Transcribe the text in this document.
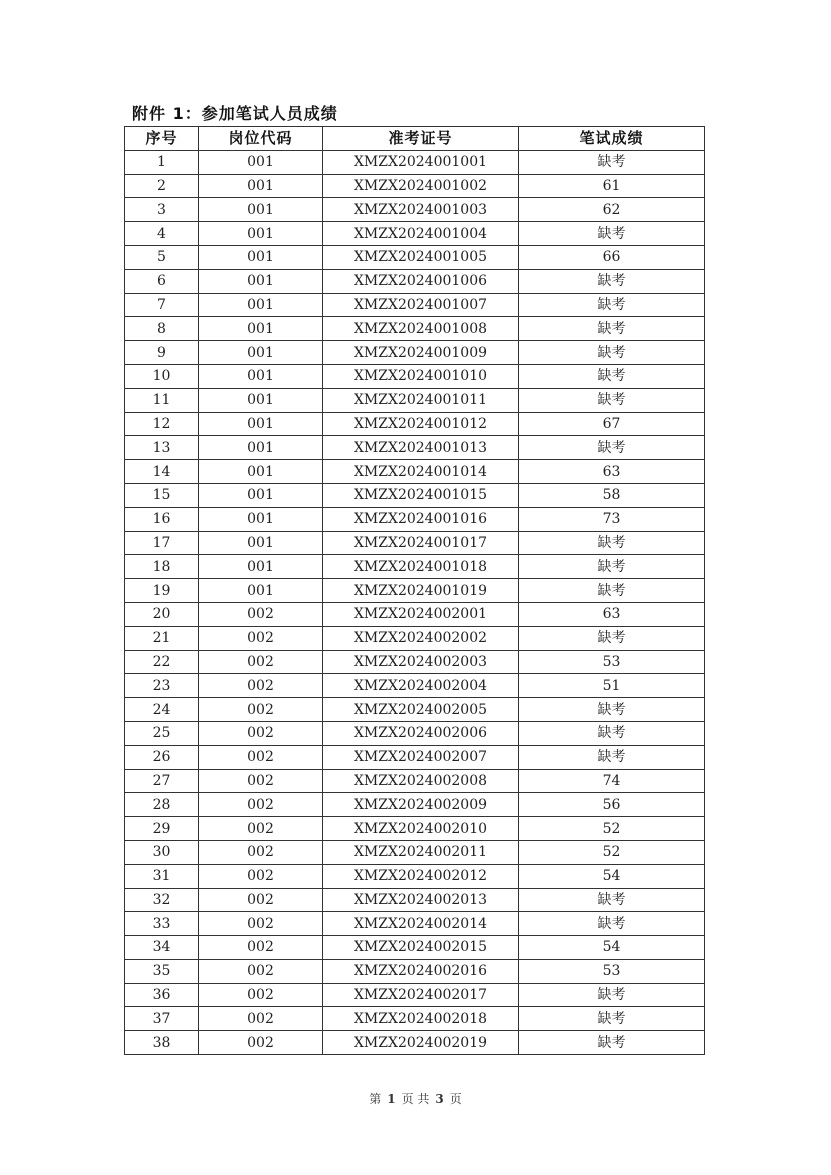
附件 1：参加笔试人员成绩
序号	岗位代码	准考证号	笔试成绩
1	001	XMZX2024001001	缺考
2	001	XMZX2024001002	61
3	001	XMZX2024001003	62
4	001	XMZX2024001004	缺考
5	001	XMZX2024001005	66
6	001	XMZX2024001006	缺考
7	001	XMZX2024001007	缺考
8	001	XMZX2024001008	缺考
9	001	XMZX2024001009	缺考
10	001	XMZX2024001010	缺考
11	001	XMZX2024001011	缺考
12	001	XMZX2024001012	67
13	001	XMZX2024001013	缺考
14	001	XMZX2024001014	63
15	001	XMZX2024001015	58
16	001	XMZX2024001016	73
17	001	XMZX2024001017	缺考
18	001	XMZX2024001018	缺考
19	001	XMZX2024001019	缺考
20	002	XMZX2024002001	63
21	002	XMZX2024002002	缺考
22	002	XMZX2024002003	53
23	002	XMZX2024002004	51
24	002	XMZX2024002005	缺考
25	002	XMZX2024002006	缺考
26	002	XMZX2024002007	缺考
27	002	XMZX2024002008	74
28	002	XMZX2024002009	56
29	002	XMZX2024002010	52
30	002	XMZX2024002011	52
31	002	XMZX2024002012	54
32	002	XMZX2024002013	缺考
33	002	XMZX2024002014	缺考
34	002	XMZX2024002015	54
35	002	XMZX2024002016	53
36	002	XMZX2024002017	缺考
37	002	XMZX2024002018	缺考
38	002	XMZX2024002019	缺考
第 1 页 共 3 页
